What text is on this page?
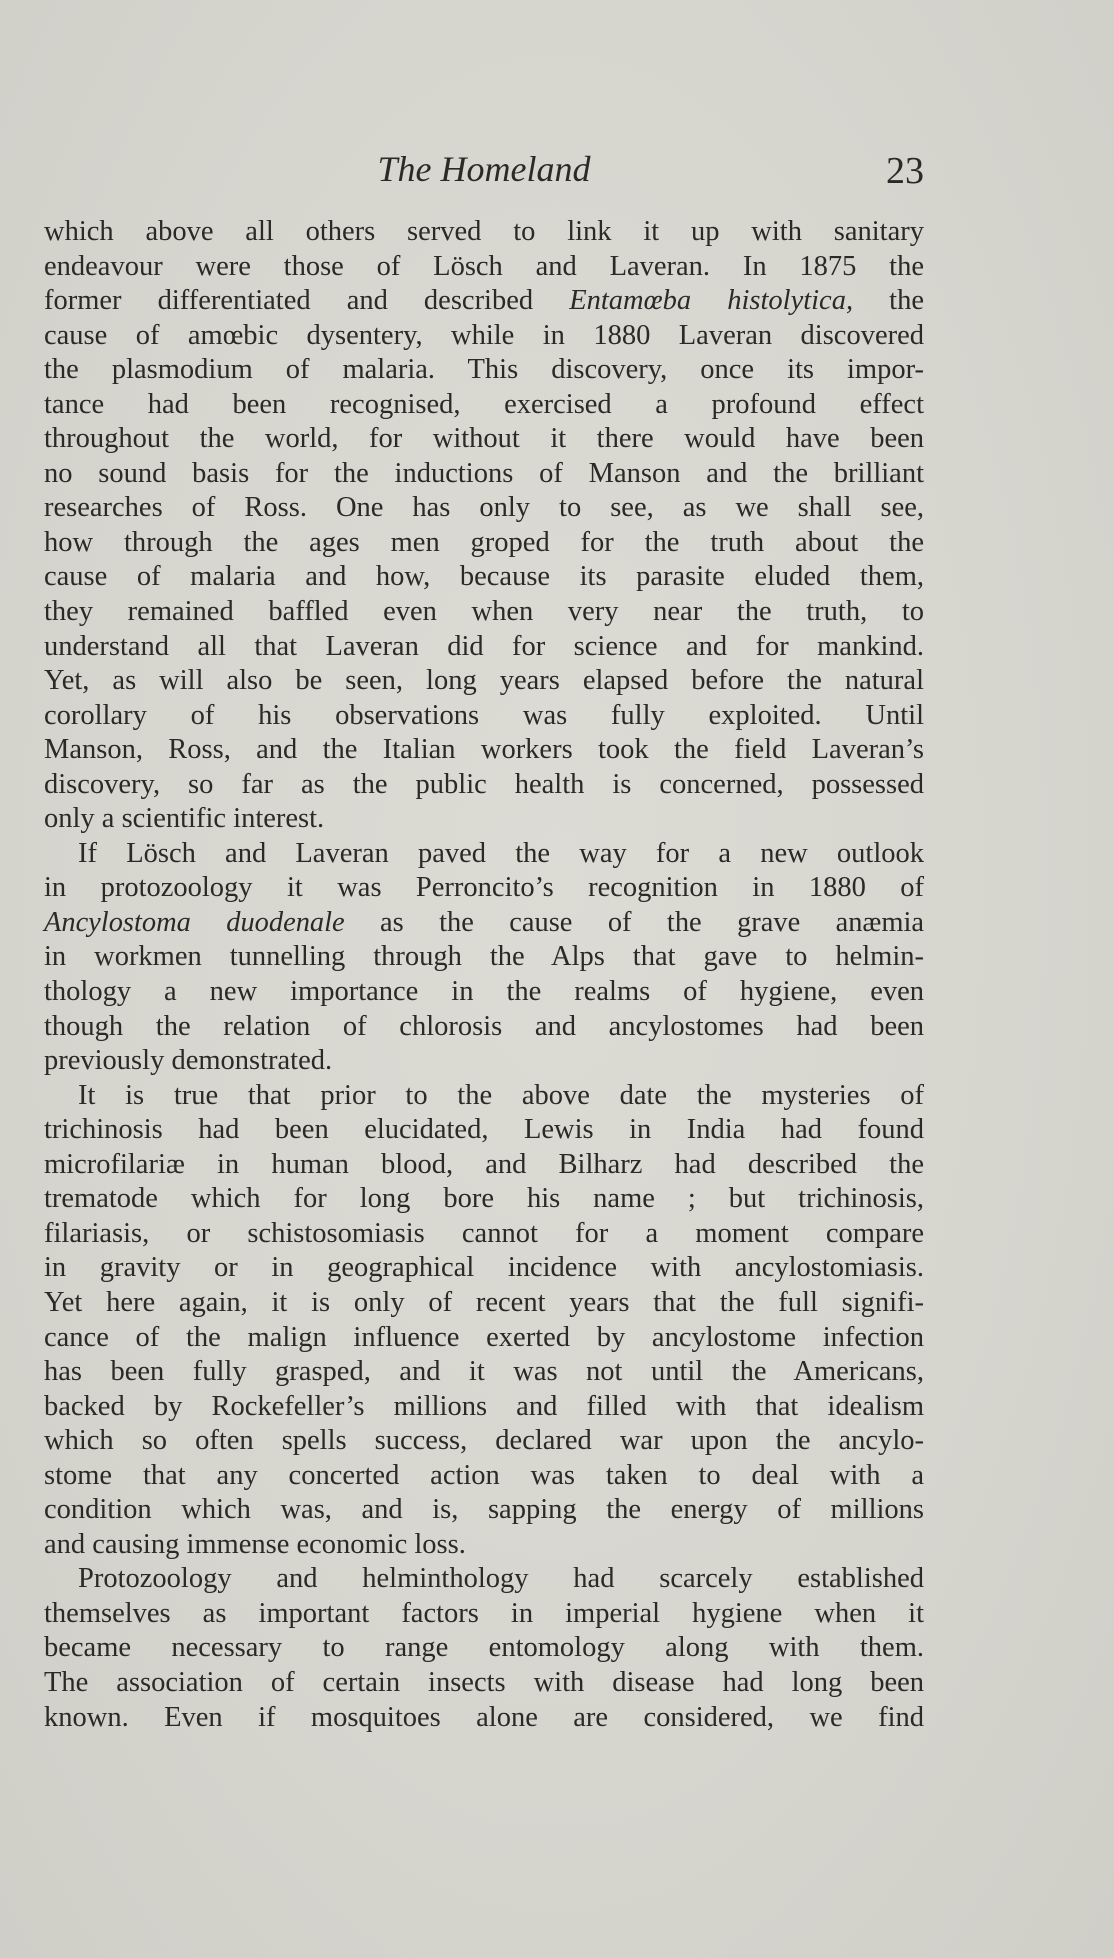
The Homeland	23
which above all others served to link it up with sanitary
endeavour were those of Lösch and Laveran. In 1875 the
former differentiated and described Entamœba histolytica, the
cause of amœbic dysentery, while in 1880 Laveran discovered
the plasmodium of malaria. This discovery, once its impor-
tance had been recognised, exercised a profound effect
throughout the world, for without it there would have been
no sound basis for the inductions of Manson and the brilliant
researches of Ross. One has only to see, as we shall see,
how through the ages men groped for the truth about the
cause of malaria and how, because its parasite eluded them,
they remained baffled even when very near the truth, to
understand all that Laveran did for science and for mankind.
Yet, as will also be seen, long years elapsed before the natural
corollary of his observations was fully exploited. Until
Manson, Ross, and the Italian workers took the field Laveran’s
discovery, so far as the public health is concerned, possessed
only a scientific interest.
If Lösch and Laveran paved the way for a new outlook
in protozoology it was Perroncito’s recognition in 1880 of
Ancylostoma duodenale as the cause of the grave anæmia
in workmen tunnelling through the Alps that gave to helmin-
thology a new importance in the realms of hygiene, even
though the relation of chlorosis and ancylostomes had been
previously demonstrated.
It is true that prior to the above date the mysteries of
trichinosis had been elucidated, Lewis in India had found
microfilariæ in human blood, and Bilharz had described the
trematode which for long bore his name ; but trichinosis,
filariasis, or schistosomiasis cannot for a moment compare
in gravity or in geographical incidence with ancylostomiasis.
Yet here again, it is only of recent years that the full signifi-
cance of the malign influence exerted by ancylostome infection
has been fully grasped, and it was not until the Americans,
backed by Rockefeller’s millions and filled with that idealism
which so often spells success, declared war upon the ancylo-
stome that any concerted action was taken to deal with a
condition which was, and is, sapping the energy of millions
and causing immense economic loss.
Protozoology and helminthology had scarcely established
themselves as important factors in imperial hygiene when it
became necessary to range entomology along with them.
The association of certain insects with disease had long been
known. Even if mosquitoes alone are considered, we find
